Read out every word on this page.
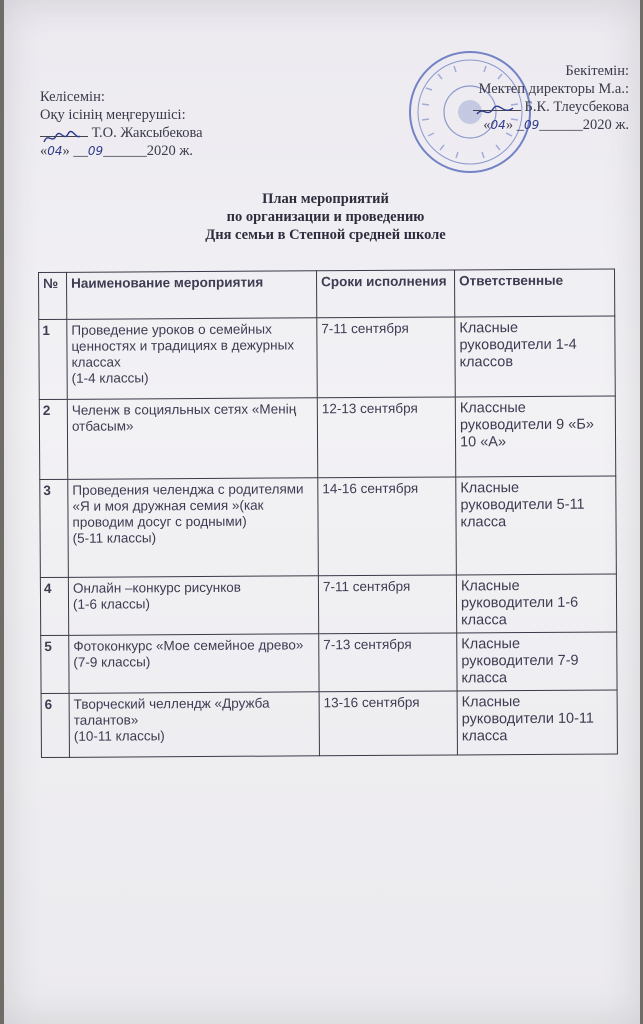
Келісемін:
Оқу ісінің меңгерушісі:
Т.О. Жаксыбекова
«04» __09______2020 ж.
Бекітемін:
Мектеп директоры М.а.:
Б.К. Тлеусбекова
«04» _09______2020 ж.
План мероприятий
по организации и проведению
Дня семьи в Степной средней школе
№	Наименование мероприятия	Сроки исполнения	Ответственные
1	Проведение уроков о семейных ценностях и традициях в дежурных классах
(1-4 классы)	7-11 сентября	Класные руководители 1-4 классов
2	Челенж в социяльных сетях «Менің отбасым»	12-13 сентября	Классные руководители 9 «Б»
10 «А»
3	Проведения челенджа с родителями «Я и моя дружная семия »(как проводим досуг с родными)
(5-11 классы)	14-16 сентября	Класные руководители 5-11 класса
4	Онлайн –конкурс рисунков
(1-6 классы)	7-11 сентября	Класные руководители 1-6 класса
5	Фотоконкурс «Мое семейное древо»
(7-9 классы)	7-13 сентября	Класные руководители 7-9 класса
6	Творческий челлендж «Дружба талантов»
(10-11 классы)	13-16 сентября	Класные руководители 10-11 класса
